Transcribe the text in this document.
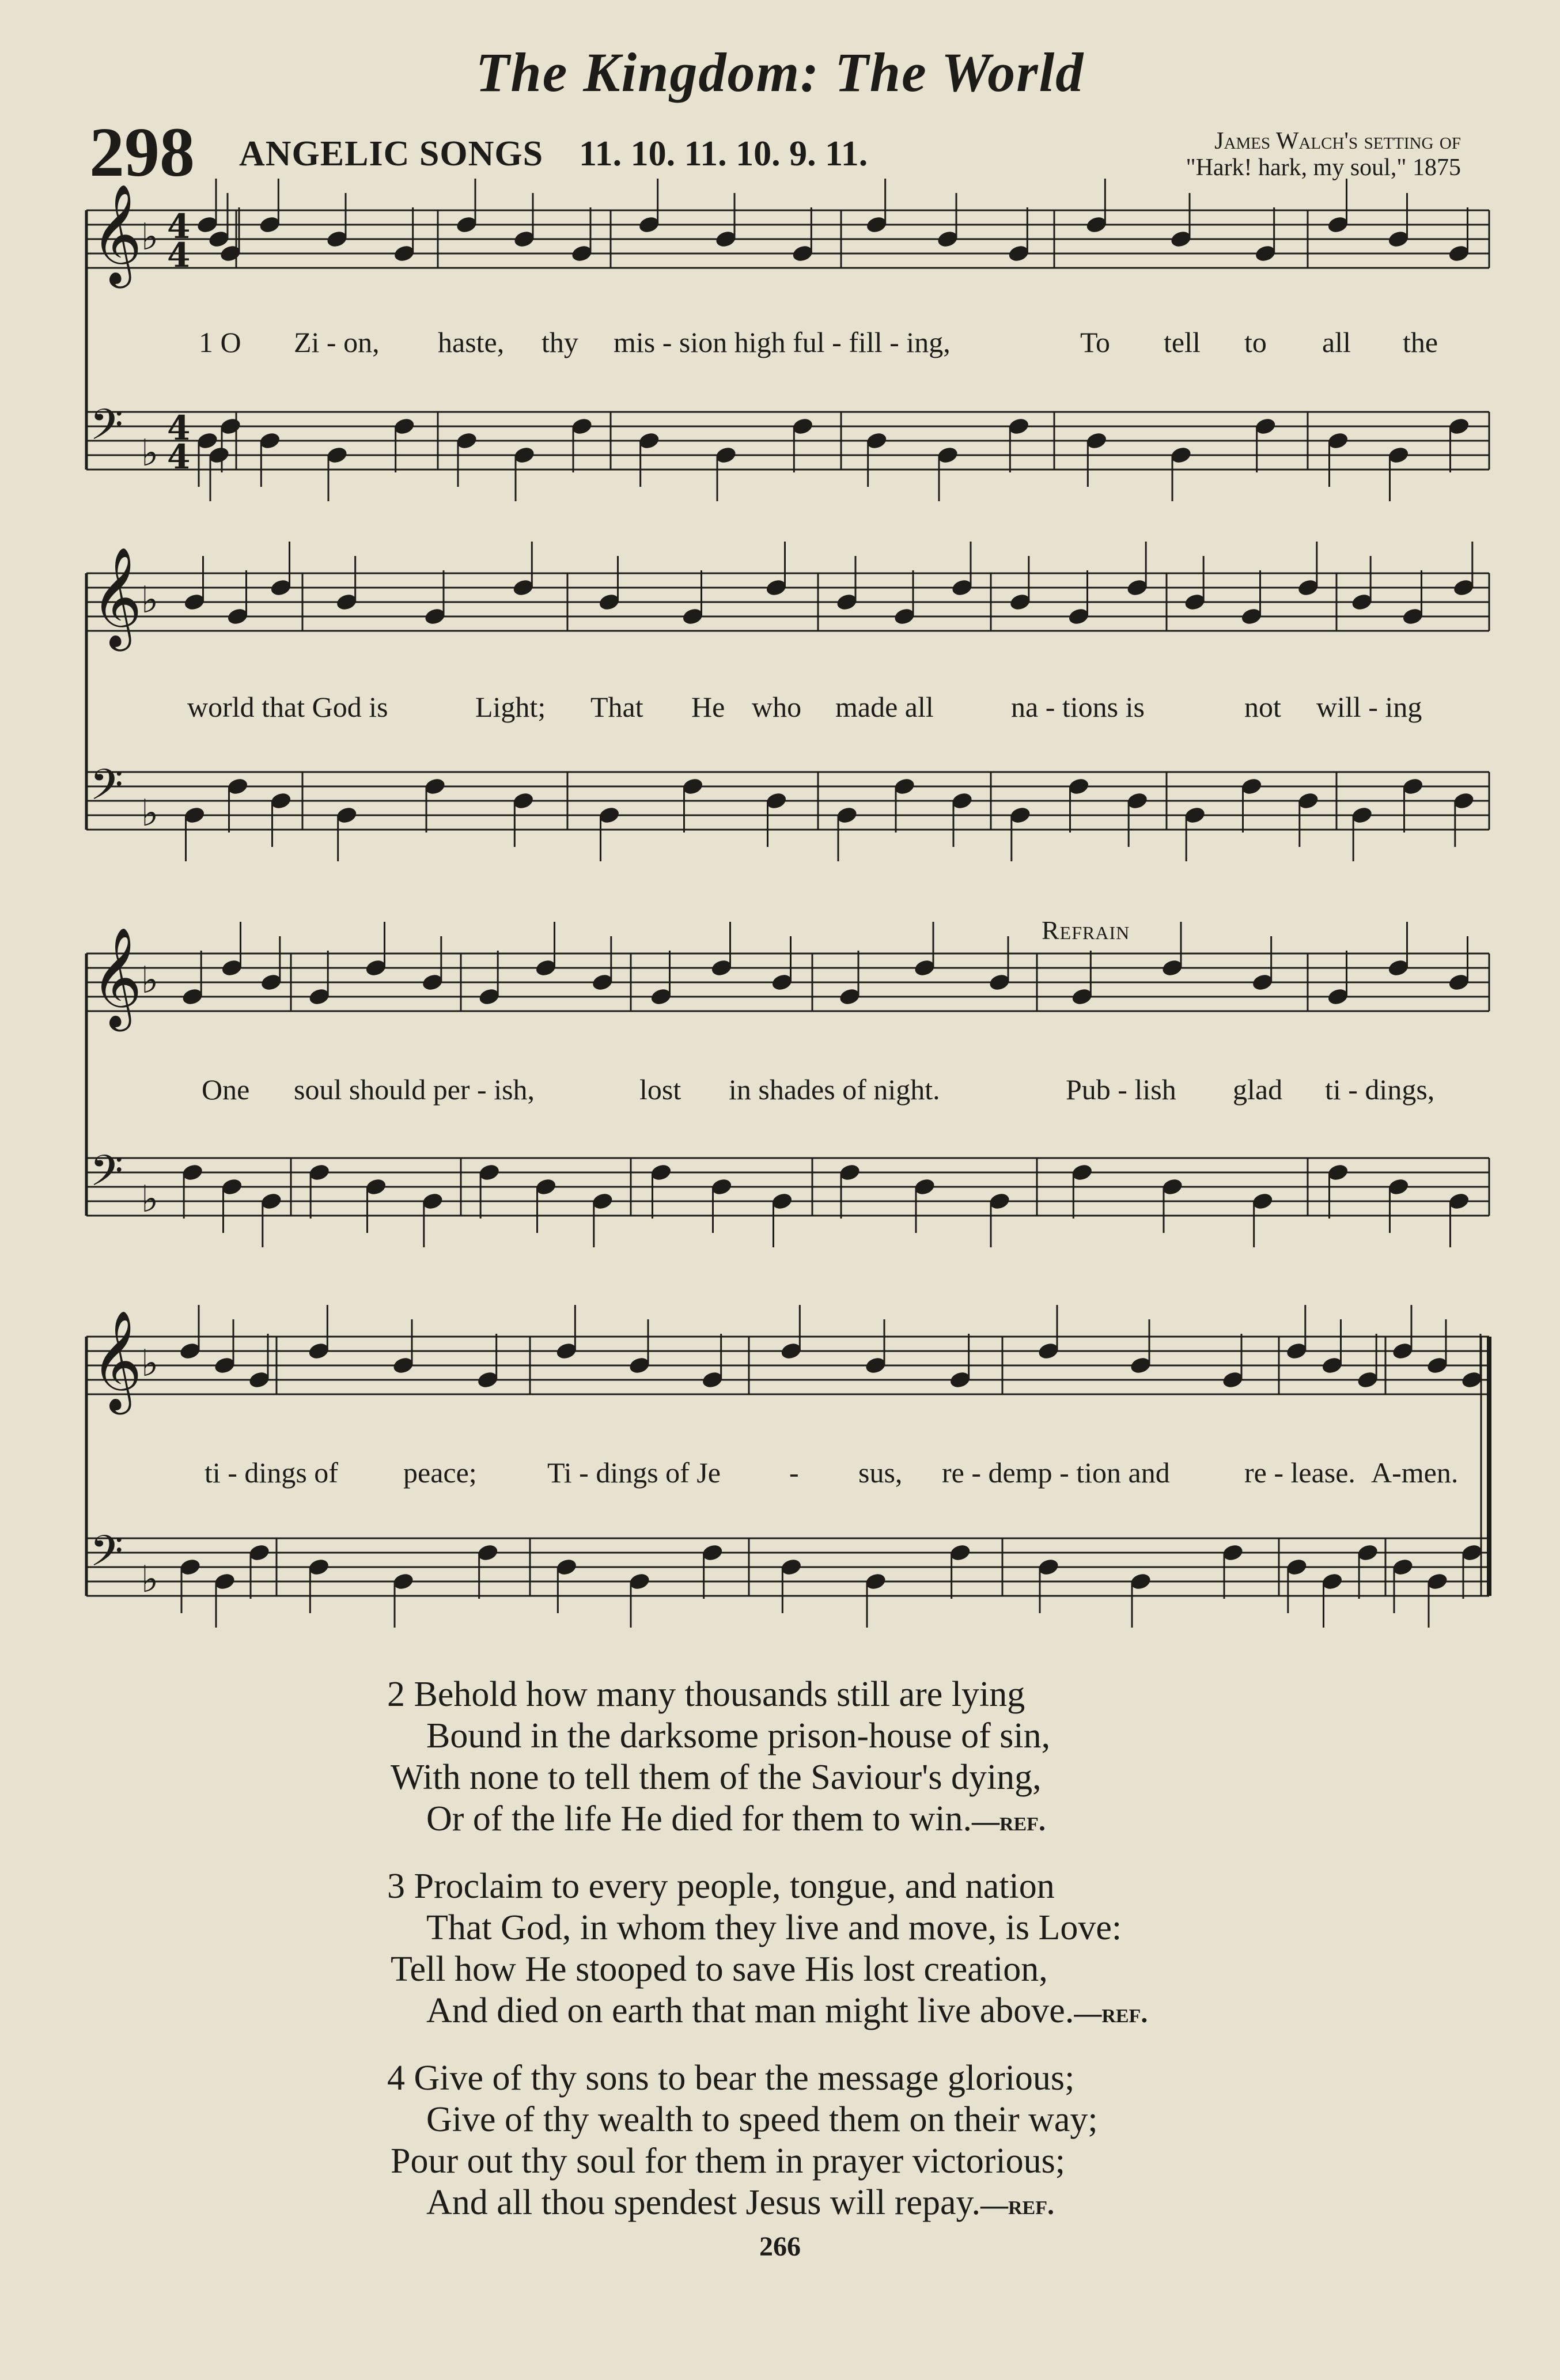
The Kingdom: The World
298 ANGELIC SONGS 11. 10. 11. 10. 9. 11.	James Walch's setting of
"Hark! hark, my soul," 1875
𝄞
♭ 4
4
𝄢 ♭
4
4
𝄞
♭
𝄢 ♭
𝄞
♭
𝄢 ♭
𝄞
♭
𝄢 ♭
Refrain
1 O Zi - on, haste, thy mis - sion high ful - fill - ing,	To tell to all the
world that God is	Light; That He who made all	na - tions is	not will - ing
One soul should per - ish,	lost in shades of night.	Pub - lish glad ti - dings,
ti - dings of peace; Ti - dings of Je - sus, re - demp - tion and	re - lease. A-men.
2 Behold how many thousands still are lying
Bound in the darksome prison-house of sin,
With none to tell them of the Saviour's dying,
Or of the life He died for them to win.—ref.
3 Proclaim to every people, tongue, and nation
That God, in whom they live and move, is Love:
Tell how He stooped to save His lost creation,
And died on earth that man might live above.—ref.
4 Give of thy sons to bear the message glorious;
Give of thy wealth to speed them on their way;
Pour out thy soul for them in prayer victorious;
And all thou spendest Jesus will repay.—ref.
266
